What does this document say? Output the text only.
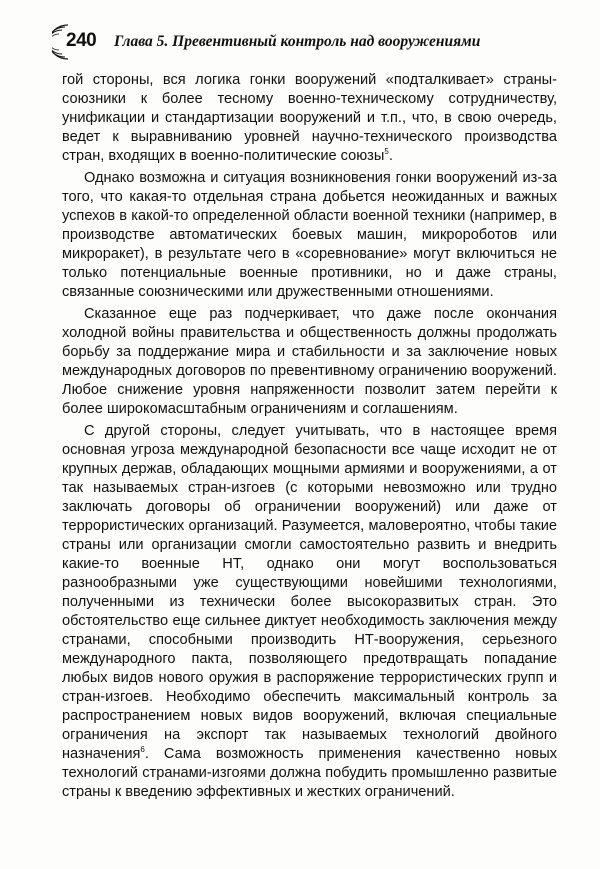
240 Глава 5. Превентивный контроль над вооружениями

гой стороны, вся логика гонки вооружений «подталкивает» страны-союзники к более тесному военно-техническому сотрудничеству, унификации и стандартизации вооружений и т.п., что, в свою очередь, ведет к выравниванию уровней научно-технического производства стран, входящих в военно-политические союзы$^5$.

Однако возможна и ситуация возникновения гонки вооружений из-за того, что какая-то отдельная страна добьется неожиданных и важных успехов в какой-то определенной области военной техники (например, в производстве автоматических боевых машин, микророботов или микроракет), в результате чего в «соревнование» могут включиться не только потенциальные военные противники, но и даже страны, связанные союзническими или дружественными отношениями.

Сказанное еще раз подчеркивает, что даже после окончания холодной войны правительства и общественность должны продолжать борьбу за поддержание мира и стабильности и за заключение новых международных договоров по превентивному ограничению вооружений. Любое снижение уровня напряженности позволит затем перейти к более широкомасштабным ограничениям и соглашениям.

С другой стороны, следует учитывать, что в настоящее время основная угроза международной безопасности все чаще исходит не от крупных держав, обладающих мощными армиями и вооружениями, а от так называемых стран-изгоев (с которыми невозможно или трудно заключать договоры об ограничении вооружений) или даже от террористических организаций. Разумеется, маловероятно, чтобы такие страны или организации смогли самостоятельно развить и внедрить какие-то военные НТ, однако они могут воспользоваться разнообразными уже существующими новейшими технологиями, полученными из технически более высокоразвитых стран. Это обстоятельство еще сильнее диктует необходимость заключения между странами, способными производить НТ-вооружения, серьезного международного пакта, позволяющего предотвращать попадание любых видов нового оружия в распоряжение террористических групп и стран-изгоев. Необходимо обеспечить максимальный контроль за распространением новых видов вооружений, включая специальные ограничения на экспорт так называемых технологий двойного назначения$^6$. Сама возможность применения качественно новых технологий странами-изгоями должна побудить промышленно развитые страны к введению эффективных и жестких ограничений.
